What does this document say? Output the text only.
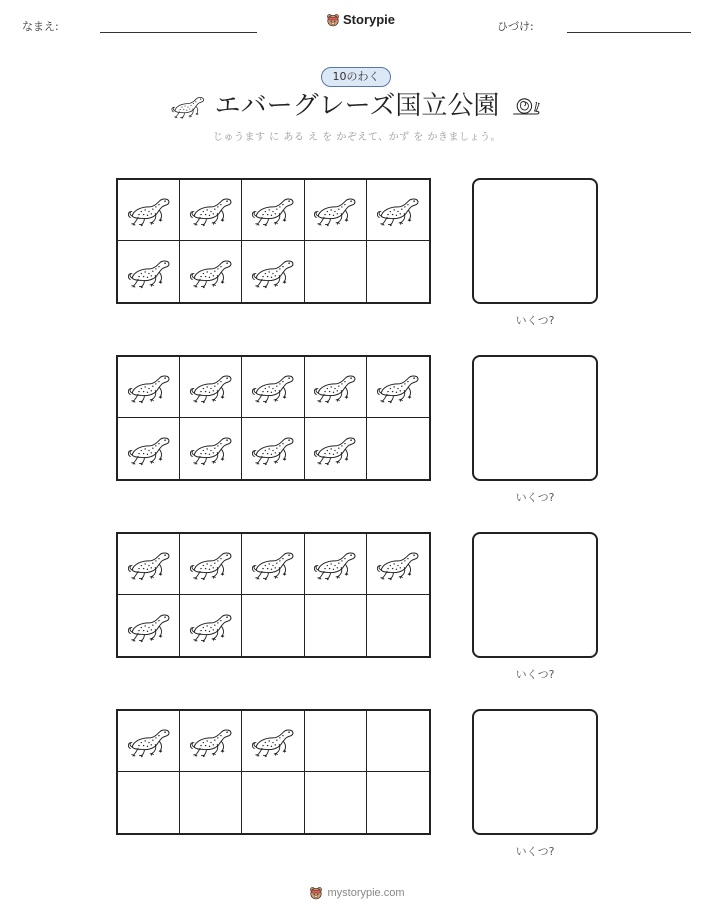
なまえ:	Storypie	ひづけ:
10のわく
エバーグレーズ国立公園
じゅうます に ある え を かぞえて、かず を かきましょう。
いくつ?
いくつ?
いくつ?
いくつ?
mystorypie.com
